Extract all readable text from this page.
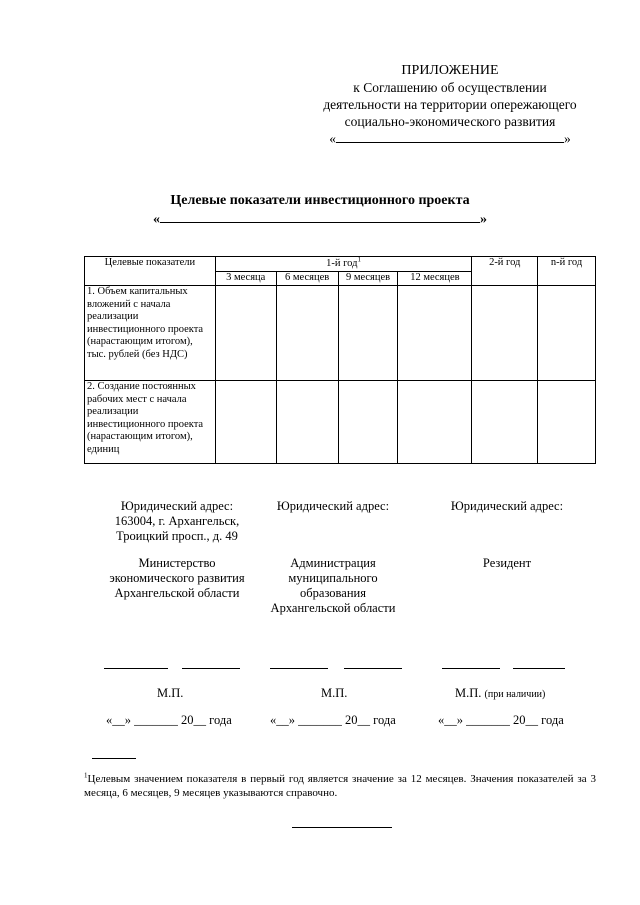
ПРИЛОЖЕНИЕ
к Соглашению об осуществлении
деятельности на территории опережающего
социально-экономического развития
«	»
Целевые показатели инвестиционного проекта
«	»
Целевые показатели	1-й год$^1$				2-й год	n-й год
	3 месяца	6 месяцев	9 месяцев	12 месяцев		
1. Объем капитальных вложений с начала реализации инвестиционного проекта (нарастающим итогом), тыс. рублей (без НДС)						
2. Создание постоянных рабочих мест с начала реализации инвестиционного проекта (нарастающим итогом), единиц						
Юридический адрес:
163004, г. Архангельск,
Троицкий просп., д. 49
Министерство
экономического развития
Архангельской области
Юридический адрес:
Администрация
муниципального
образования
Архангельской области
Юридический адрес:
Резидент
М.П.	М.П.	М.П. (при наличии)
«__» _______ 20__ года	«__» _______ 20__ года	«__» _______ 20__ года
$^1$Целевым значением показателя в первый год является значение за 12 месяцев. Значения показателей за 3 месяца, 6 месяцев, 9 месяцев указываются справочно.
